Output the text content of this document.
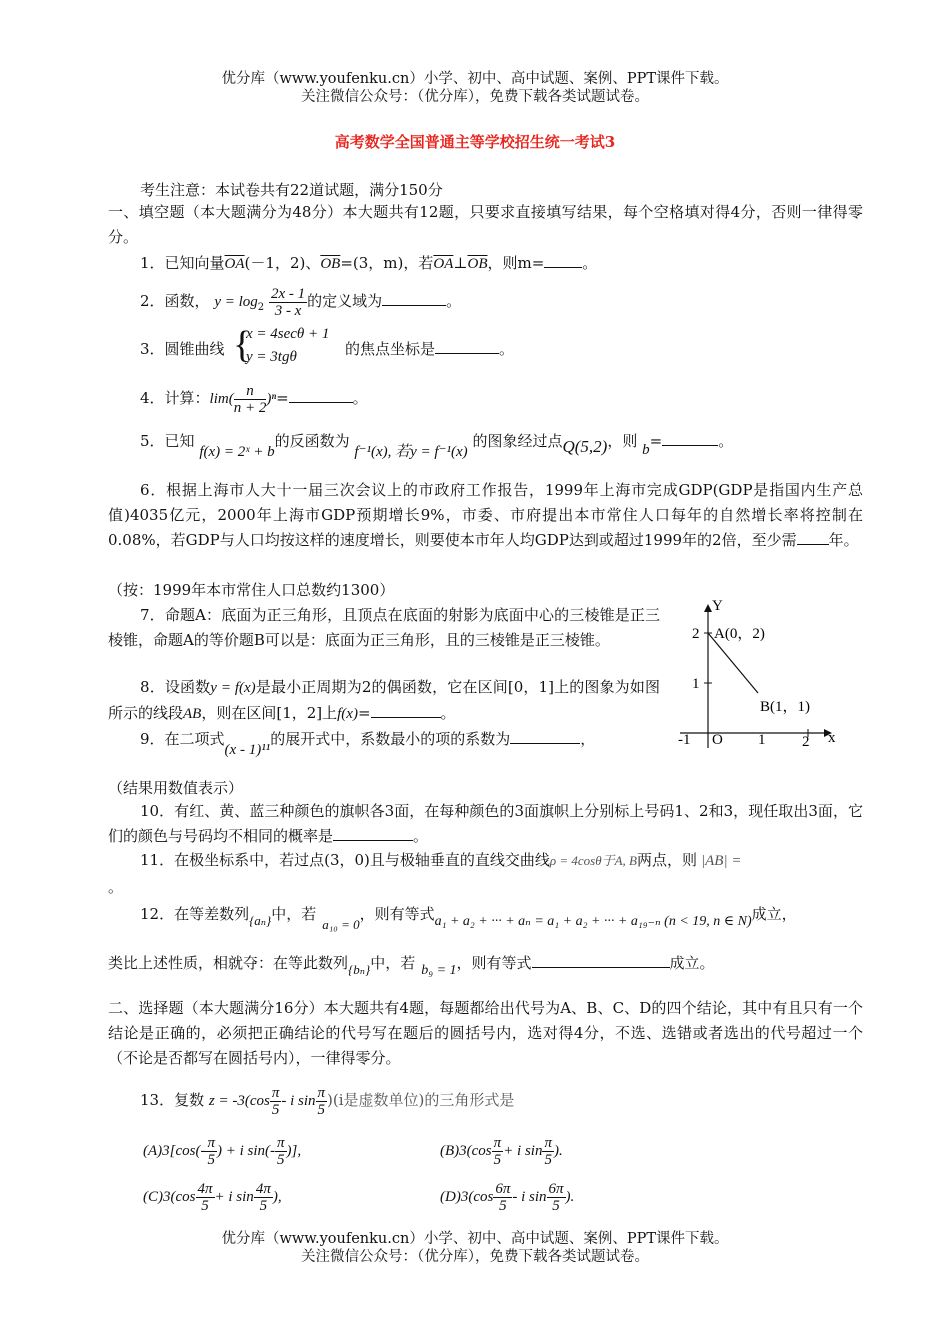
优分库（www.youfenku.cn）小学、初中、高中试题、案例、PPT课件下载。
关注微信公众号：（优分库），免费下载各类试题试卷。
高考数学全国普通主等学校招生统一考试3
考生注意：本试卷共有22道试题，满分150分
一、填空题（本大题满分为48分）本大题共有12题，只要求直接填写结果，每个空格填对得4分，否则一律得零分。
1．已知向量$\overline{OA}(-1$，2)、$\overline{OB}=(3$，m)，若$\overline{OA}\perp\overline{OB}$，则m=	。
2．函数， $y = \log_2 \frac{2x - 1}{3 - x}$ 的定义域为	。
3．圆锥曲线 {
x = 4secθ + 1
y = 3tgθ	的焦点坐标是	。
4．计算：$\lim( \frac{n}{n + 2} )^n=$	。
5．已知 f(x) = 2ˣ + b的反函数为 f⁻¹(x), 若y = f⁻¹(x) 的图象经过点Q(5,2)，则 b=	。
6．根据上海市人大十一届三次会议上的市政府工作报告，1999年上海市完成GDP(GDP是指国内生产总值)4035亿元，2000年上海市GDP预期增长9%，市委、市府提出本市常住人口每年的自然增长率将控制在0.08%，若GDP与人口均按这样的速度增长，则要使本市年人均GDP达到或超过1999年的2倍，至少需 年。
（按：1999年本市常住人口总数约1300）
7．命题A：底面为正三角形，且顶点在底面的射影为底面中心的三棱锥是正三棱锥，命题A的等价题B可以是：底面为正三角形，且的三棱锥是正三棱锥。
8．设函数y = f(x)是最小正周期为2的偶函数，它在区间[0，1]上的图象为如图所示的线段AB，则在区间[1，2]上f(x)=	。
9．在二项式(x - 1)¹¹的展开式中，系数最小的项的系数为	，
（结果用数值表示）
Y
x
A(0，2)
B(1，1)
2
1
-1 O 1 2
10．有红、黄、蓝三种颜色的旗帜各3面，在每种颜色的3面旗帜上分别标上号码1、2和3，现任取出3面，它们的颜色与号码均不相同的概率是	。
11．在极坐标系中，若过点(3，0)且与极轴垂直的直线交曲线ρ = 4cosθ于A, B两点，则 |AB| =
。
12．在等差数列{aₙ}中，若a₁₀ = 0，则有等式a₁ + a₂ + ··· + aₙ = a₁ + a₂ + ··· + a₁₉₋ₙ (n < 19, n ∈ N)成立，
类比上述性质，相就夺：在等此数列{bₙ}中，若 b₉ = 1，则有等式	成立。
二、选择题（本大题满分16分）本大题共有4题，每题都给出代号为A、B、C、D的四个结论，其中有且只有一个结论是正确的，必须把正确结论的代号写在题后的圆括号内，选对得4分，不选、选错或者选出的代号超过一个（不论是否都写在圆括号内），一律得零分。
13．复数 $z = -3(\cos \frac{\pi}{5} - i$ $\sin \frac{\pi}{5} )(i$是虚数单位)的三角形式是
$(A)3[\cos(- \frac{\pi}{5}$ ) + i $\sin(- \frac{\pi}{5}$ )],	$(B)3(\cos \frac{\pi}{5} + i$ $\sin \frac{\pi}{5}$ ).
$(C)3(\cos \frac{4\pi}{5} + i$ $\sin \frac{4\pi}{5}$ ),	$(D)3(\cos \frac{6\pi}{5}$ - i $\sin \frac{6\pi}{5}$ ).
优分库（www.youfenku.cn）小学、初中、高中试题、案例、PPT课件下载。
关注微信公众号：（优分库），免费下载各类试题试卷。
